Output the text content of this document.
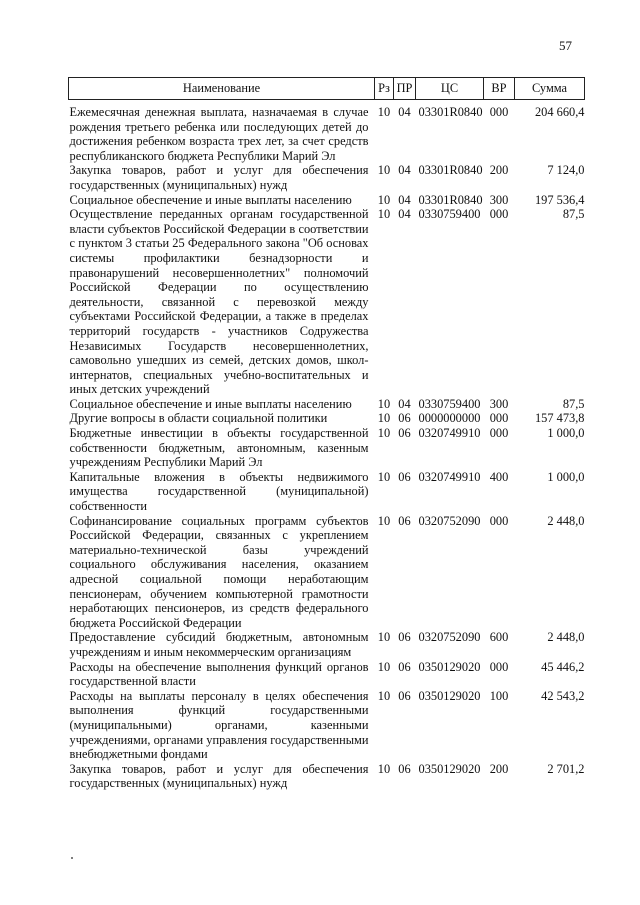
57
Наименование	Рз	ПР	ЦС	ВР	Сумма
Ежемесячная денежная выплата, назначаемая в случае рождения третьего ребенка или последующих детей до достижения ребенком возраста трех лет, за счет средств республиканского бюджета Республики Марий Эл	10	04	03301R0840	000	204 660,4
Закупка товаров, работ и услуг для обеспечения государственных (муниципальных) нужд	10	04	03301R0840	200	7 124,0
Социальное обеспечение и иные выплаты населению	10	04	03301R0840	300	197 536,4
Осуществление переданных органам государственной власти субъектов Российской Федерации в соответствии с пунктом 3 статьи 25 Федерального закона "Об основах системы профилактики безнадзорности и правонарушений несовершеннолетних" полномочий Российской Федерации по осуществлению деятельности, связанной с перевозкой между субъектами Российской Федерации, а также в пределах территорий государств - участников Содружества Независимых Государств несовершеннолетних, самовольно ушедших из семей, детских домов, школ-интернатов, специальных учебно-воспитательных и иных детских учреждений	10	04	0330759400	000	87,5
Социальное обеспечение и иные выплаты населению	10	04	0330759400	300	87,5
Другие вопросы в области социальной политики	10	06	0000000000	000	157 473,8
Бюджетные инвестиции в объекты государственной собственности бюджетным, автономным, казенным учреждениям Республики Марий Эл	10	06	0320749910	000	1 000,0
Капитальные вложения в объекты недвижимого имущества государственной (муниципальной) собственности	10	06	0320749910	400	1 000,0
Софинансирование социальных программ субъектов Российской Федерации, связанных с укреплением материально-технической базы учреждений социального обслуживания населения, оказанием адресной социальной помощи неработающим пенсионерам, обучением компьютерной грамотности неработающих пенсионеров, из средств федерального бюджета Российской Федерации	10	06	0320752090	000	2 448,0
Предоставление субсидий бюджетным, автономным учреждениям и иным некоммерческим организациям	10	06	0320752090	600	2 448,0
Расходы на обеспечение выполнения функций органов государственной власти	10	06	0350129020	000	45 446,2
Расходы на выплаты персоналу в целях обеспечения выполнения функций государственными (муниципальными) органами, казенными учреждениями, органами управления государственными внебюджетными фондами	10	06	0350129020	100	42 543,2
Закупка товаров, работ и услуг для обеспечения государственных (муниципальных) нужд	10	06	0350129020	200	2 701,2
